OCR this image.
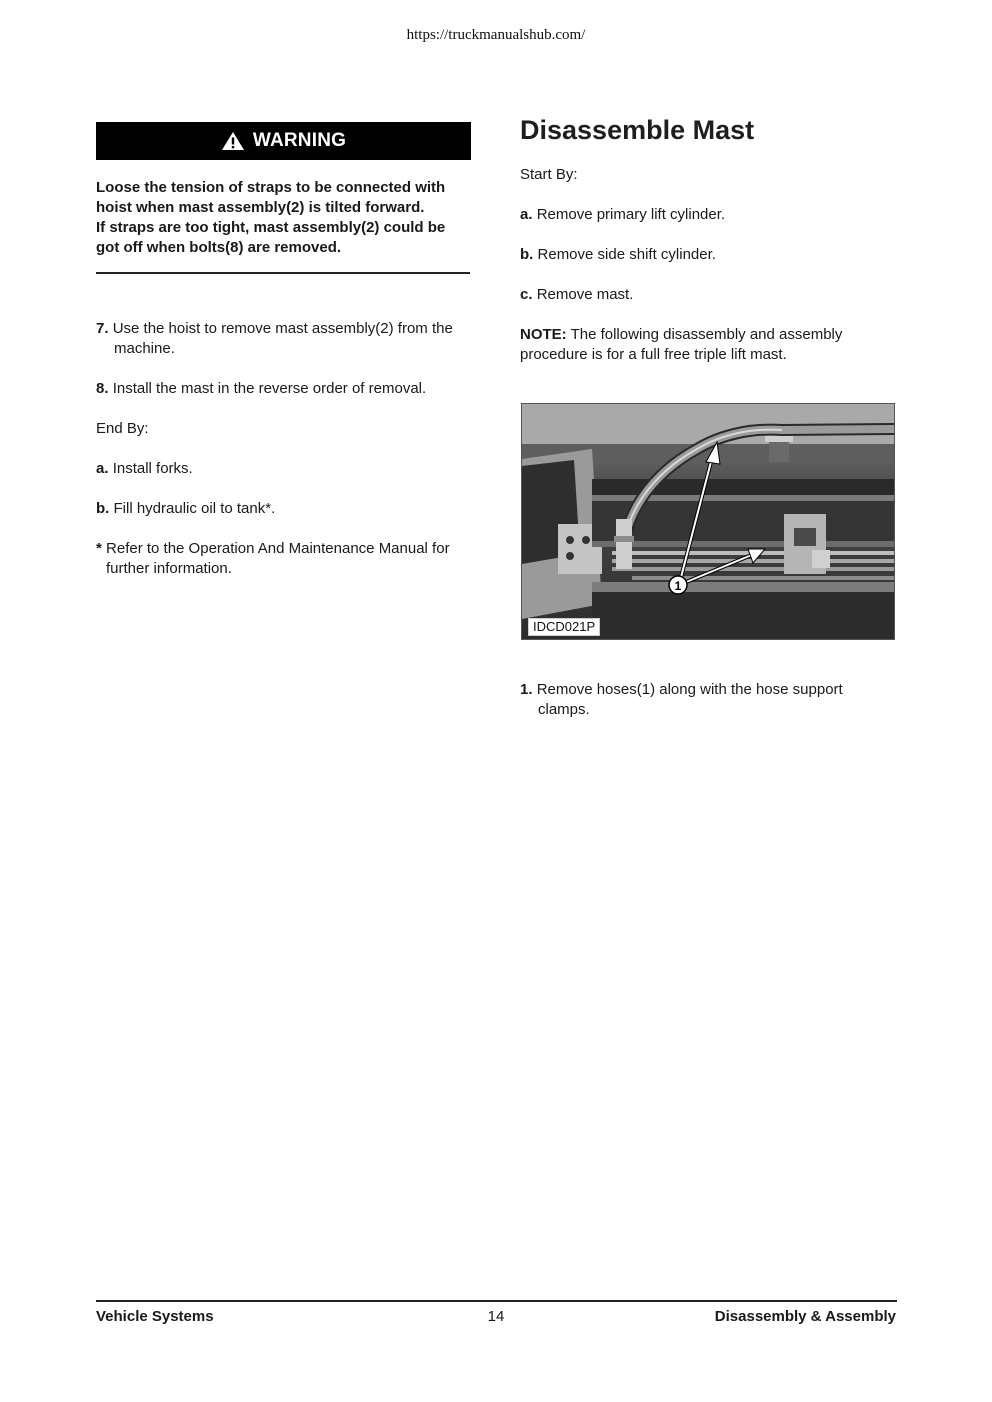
https://truckmanualshub.com/
WARNING

Loose the tension of straps to be connected with hoist when mast assembly(2) is tilted forward.

If straps are too tight, mast assembly(2) could be got off when bolts(8) are removed.

7. Use the hoist to remove mast assembly(2) from the machine.

8. Install the mast in the reverse order of removal.

End By:

a. Install forks.

b. Fill hydraulic oil to tank*.

* Refer to the Operation And Maintenance Manual for further information.

Disassemble Mast

Start By:

a. Remove primary lift cylinder.

b. Remove side shift cylinder.

c. Remove mast.

NOTE: The following disassembly and assembly procedure is for a full free triple lift mast.

1
IDCD021P

1. Remove hoses(1) along with the hose support clamps.

Vehicle Systems	14	Disassembly & Assembly
